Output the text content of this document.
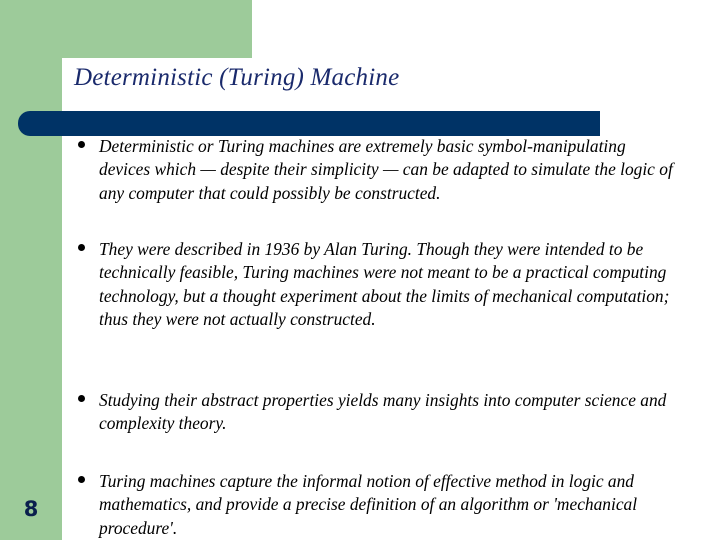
Deterministic (Turing) Machine
Deterministic or Turing machines are extremely basic symbol-manipulating devices which — despite their simplicity — can be adapted to simulate the logic of any computer that could possibly be constructed.
They were described in 1936 by Alan Turing. Though they were intended to be technically feasible, Turing machines were not meant to be a practical computing technology, but a thought experiment about the limits of mechanical computation; thus they were not actually constructed.
Studying their abstract properties yields many insights into computer science and complexity theory.
Turing machines capture the informal notion of effective method in logic and mathematics, and provide a precise definition of an algorithm or 'mechanical procedure'.
8
